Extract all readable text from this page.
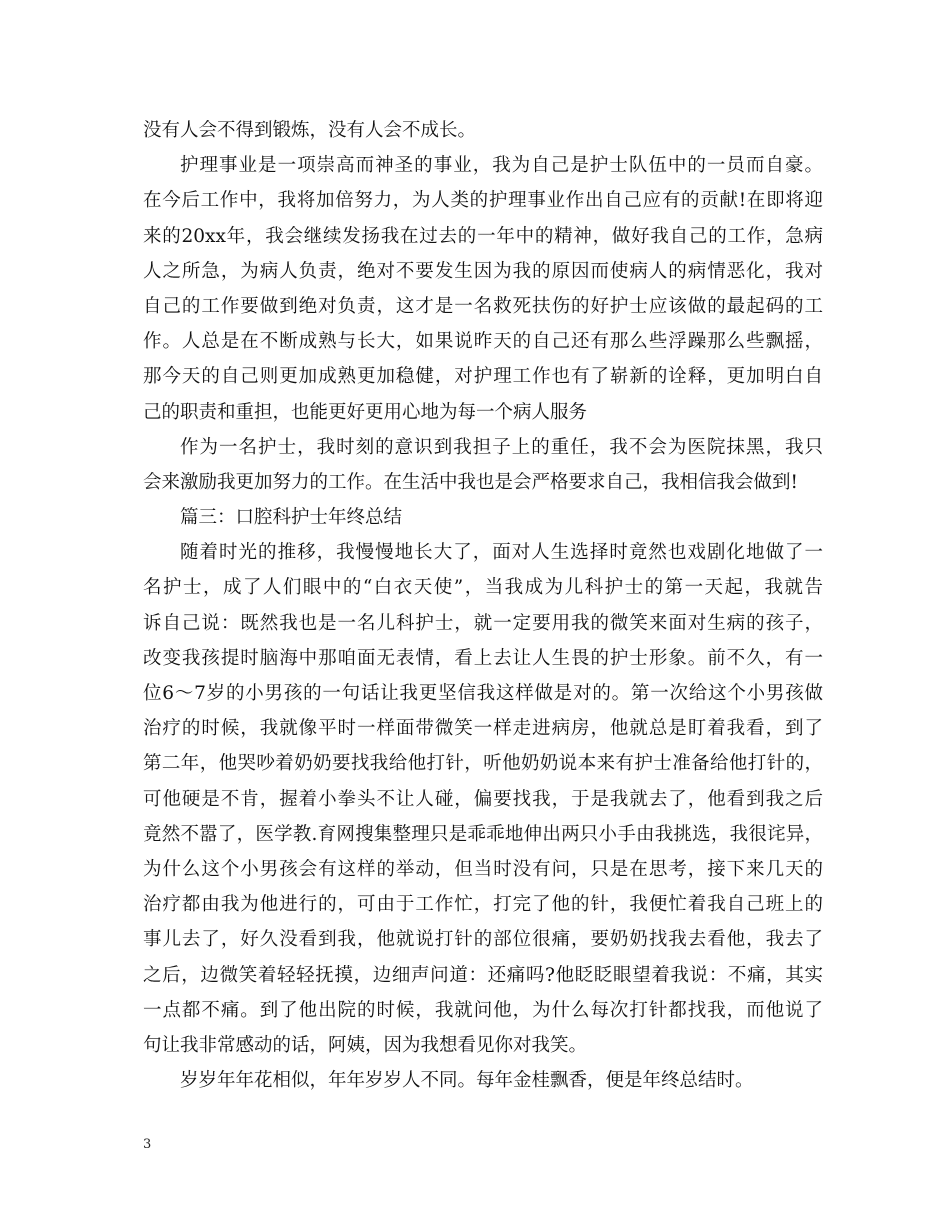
没有人会不得到锻炼，没有人会不成长。
护理事业是一项崇高而神圣的事业，我为自己是护士队伍中的一员而自豪。
在今后工作中，我将加倍努力，为人类的护理事业作出自己应有的贡献!在即将迎
来的20xx年，我会继续发扬我在过去的一年中的精神，做好我自己的工作，急病
人之所急，为病人负责，绝对不要发生因为我的原因而使病人的病情恶化，我对
自己的工作要做到绝对负责，这才是一名救死扶伤的好护士应该做的最起码的工
作。人总是在不断成熟与长大，如果说昨天的自己还有那么些浮躁那么些飘摇，
那今天的自己则更加成熟更加稳健，对护理工作也有了崭新的诠释，更加明白自
己的职责和重担，也能更好更用心地为每一个病人服务
作为一名护士，我时刻的意识到我担子上的重任，我不会为医院抹黑，我只
会来激励我更加努力的工作。在生活中我也是会严格要求自己，我相信我会做到!
篇三：口腔科护士年终总结
随着时光的推移，我慢慢地长大了，面对人生选择时竟然也戏剧化地做了一
名护士，成了人们眼中的“白衣天使”，当我成为儿科护士的第一天起，我就告
诉自己说：既然我也是一名儿科护士，就一定要用我的微笑来面对生病的孩子，
改变我孩提时脑海中那咱面无表情，看上去让人生畏的护士形象。前不久，有一
位6～7岁的小男孩的一句话让我更坚信我这样做是对的。第一次给这个小男孩做
治疗的时候，我就像平时一样面带微笑一样走进病房，他就总是盯着我看，到了
第二年，他哭吵着奶奶要找我给他打针，听他奶奶说本来有护士准备给他打针的，
可他硬是不肯，握着小拳头不让人碰，偏要找我，于是我就去了，他看到我之后
竟然不嚣了，医学教.育网搜集整理只是乖乖地伸出两只小手由我挑选，我很诧异，
为什么这个小男孩会有这样的举动，但当时没有问，只是在思考，接下来几天的
治疗都由我为他进行的，可由于工作忙，打完了他的针，我便忙着我自己班上的
事儿去了，好久没看到我，他就说打针的部位很痛，要奶奶找我去看他，我去了
之后，边微笑着轻轻抚摸，边细声问道：还痛吗?他眨眨眼望着我说：不痛，其实
一点都不痛。到了他出院的时候，我就问他，为什么每次打针都找我，而他说了
句让我非常感动的话，阿姨，因为我想看见你对我笑。
岁岁年年花相似，年年岁岁人不同。每年金桂飘香，便是年终总结时。
3
